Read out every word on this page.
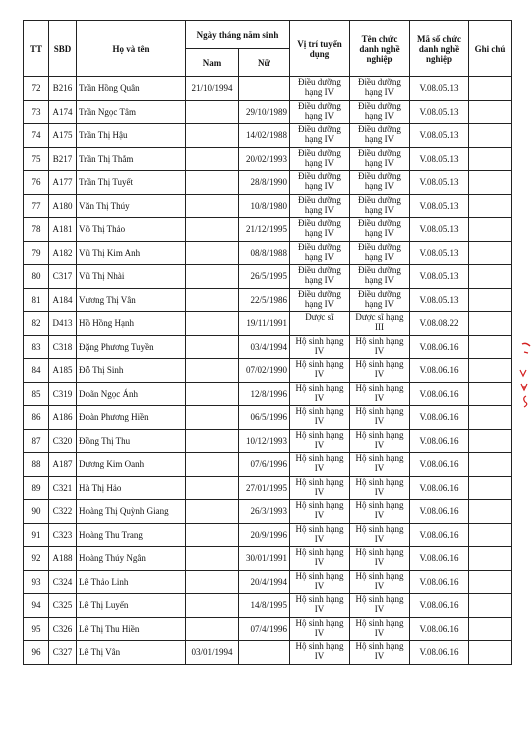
TT	SBD	Họ và tên	Ngày tháng năm sinh		Vị trí tuyển dụng	Tên chức danh nghề nghiệp	Mã số chức danh nghề nghiệp	Ghi chú
			Nam	Nữ				
72	B216	Trần Hồng Quân	21/10/1994		Điều dưỡng hạng IV	Điều dưỡng hạng IV	V.08.05.13	
73	A174	Trần Ngọc Tâm		29/10/1989	Điều dưỡng hạng IV	Điều dưỡng hạng IV	V.08.05.13	
74	A175	Trần Thị Hậu		14/02/1988	Điều dưỡng hạng IV	Điều dưỡng hạng IV	V.08.05.13	
75	B217	Trần Thị Thắm		20/02/1993	Điều dưỡng hạng IV	Điều dưỡng hạng IV	V.08.05.13	
76	A177	Trần Thị Tuyết		28/8/1990	Điều dưỡng hạng IV	Điều dưỡng hạng IV	V.08.05.13	
77	A180	Văn Thị Thúy		10/8/1980	Điều dưỡng hạng IV	Điều dưỡng hạng IV	V.08.05.13	
78	A181	Võ Thị Thảo		21/12/1995	Điều dưỡng hạng IV	Điều dưỡng hạng IV	V.08.05.13	
79	A182	Vũ Thị Kim Anh		08/8/1988	Điều dưỡng hạng IV	Điều dưỡng hạng IV	V.08.05.13	
80	C317	Vũ Thị Nhài		26/5/1995	Điều dưỡng hạng IV	Điều dưỡng hạng IV	V.08.05.13	
81	A184	Vương Thị Vân		22/5/1986	Điều dưỡng hạng IV	Điều dưỡng hạng IV	V.08.05.13	
82	D413	Hồ Hồng Hạnh		19/11/1991	Dược sĩ	Dược sĩ hạng III	V.08.08.22	
83	C318	Đặng Phương Tuyền		03/4/1994	Hộ sinh hạng IV	Hộ sinh hạng IV	V.08.06.16	
84	A185	Đỗ Thị Sinh		07/02/1990	Hộ sinh hạng IV	Hộ sinh hạng IV	V.08.06.16	
85	C319	Doãn Ngọc Ánh		12/8/1996	Hộ sinh hạng IV	Hộ sinh hạng IV	V.08.06.16	
86	A186	Đoàn Phương Hiền		06/5/1996	Hộ sinh hạng IV	Hộ sinh hạng IV	V.08.06.16	
87	C320	Đồng Thị Thu		10/12/1993	Hộ sinh hạng IV	Hộ sinh hạng IV	V.08.06.16	
88	A187	Dương Kim Oanh		07/6/1996	Hộ sinh hạng IV	Hộ sinh hạng IV	V.08.06.16	
89	C321	Hà Thị Hảo		27/01/1995	Hộ sinh hạng IV	Hộ sinh hạng IV	V.08.06.16	
90	C322	Hoàng Thị Quỳnh Giang		26/3/1993	Hộ sinh hạng IV	Hộ sinh hạng IV	V.08.06.16	
91	C323	Hoàng Thu Trang		20/9/1996	Hộ sinh hạng IV	Hộ sinh hạng IV	V.08.06.16	
92	A188	Hoàng Thúy Ngân		30/01/1991	Hộ sinh hạng IV	Hộ sinh hạng IV	V.08.06.16	
93	C324	Lê Thảo Linh		20/4/1994	Hộ sinh hạng IV	Hộ sinh hạng IV	V.08.06.16	
94	C325	Lê Thị Luyến		14/8/1995	Hộ sinh hạng IV	Hộ sinh hạng IV	V.08.06.16	
95	C326	Lê Thị Thu Hiền		07/4/1996	Hộ sinh hạng IV	Hộ sinh hạng IV	V.08.06.16	
96	C327	Lê Thị Vân	03/01/1994		Hộ sinh hạng IV	Hộ sinh hạng IV	V.08.06.16	
